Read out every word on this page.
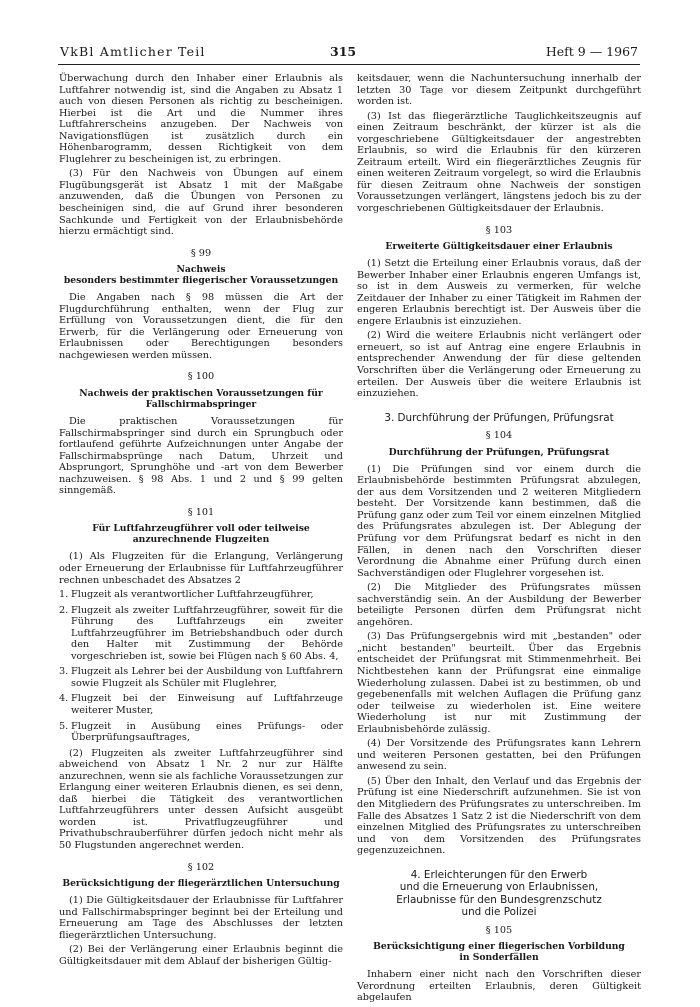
VkBl Amtlicher Teil	315	Heft 9 — 1967

Überwachung durch den Inhaber einer Erlaubnis als Luftfahrer notwendig ist, sind die Angaben zu Absatz 1 auch von diesen Personen als richtig zu bescheinigen. Hierbei ist die Art und die Nummer ihres Luftfahrerscheins anzugeben. Der Nachweis von Navigationsflügen ist zusätzlich durch ein Höhenbarogramm, dessen Richtigkeit von dem Fluglehrer zu bescheinigen ist, zu erbringen.

(3) Für den Nachweis von Übungen auf einem Flugübungsgerät ist Absatz 1 mit der Maßgabe anzuwenden, daß die Übungen von Personen zu bescheinigen sind, die auf Grund ihrer besonderen Sachkunde und Fertigkeit von der Erlaubnisbehörde hierzu ermächtigt sind.

§ 99
Nachweis
besonders bestimmter fliegerischer Voraussetzungen

Die Angaben nach § 98 müssen die Art der Flugdurchführung enthalten, wenn der Flug zur Erfüllung von Voraussetzungen dient, die für den Erwerb, für die Verlängerung oder Erneuerung von Erlaubnissen oder Berechtigungen besonders nachgewiesen werden müssen.

§ 100
Nachweis der praktischen Voraussetzungen für
Fallschirmabspringer

Die praktischen Voraussetzungen für Fallschirmabspringer sind durch ein Sprungbuch oder fortlaufend geführte Aufzeichnungen unter Angabe der Fallschirmabsprünge nach Datum, Uhrzeit und Absprungort, Sprunghöhe und -art von dem Bewerber nachzuweisen. § 98 Abs. 1 und 2 und § 99 gelten sinngemäß.

§ 101
Für Luftfahrzeugführer voll oder teilweise
anzurechnende Flugzeiten

(1) Als Flugzeiten für die Erlangung, Verlängerung oder Erneuerung der Erlaubnisse für Luftfahrzeugführer rechnen unbeschadet des Absatzes 2

1. Flugzeit als verantwortlicher Luftfahrzeugführer,
2. Flugzeit als zweiter Luftfahrzeugführer, soweit für die Führung des Luftfahrzeugs ein zweiter Luftfahrzeugführer im Betriebshandbuch oder durch den Halter mit Zustimmung der Behörde vorgeschrieben ist, sowie bei Flügen nach § 60 Abs. 4,
3. Flugzeit als Lehrer bei der Ausbildung von Luftfahrern sowie Flugzeit als Schüler mit Fluglehrer,
4. Flugzeit bei der Einweisung auf Luftfahrzeuge weiterer Muster,
5. Flugzeit in Ausübung eines Prüfungs- oder Überprüfungsauftrages,

(2) Flugzeiten als zweiter Luftfahrzeugführer sind abweichend von Absatz 1 Nr. 2 nur zur Hälfte anzurechnen, wenn sie als fachliche Voraussetzungen zur Erlangung einer weiteren Erlaubnis dienen, es sei denn, daß hierbei die Tätigkeit des verantwortlichen Luftfahrzeugführers unter dessen Aufsicht ausgeübt worden ist. Privatflugzeugführer und Privathubschrauberführer dürfen jedoch nicht mehr als 50 Flugstunden angerechnet werden.

§ 102
Berücksichtigung der fliegerärztlichen Untersuchung

(1) Die Gültigkeitsdauer der Erlaubnisse für Luftfahrer und Fallschirmabspringer beginnt bei der Erteilung und Erneuerung am Tage des Abschlusses der letzten fliegerärztlichen Untersuchung.

(2) Bei der Verlängerung einer Erlaubnis beginnt die Gültigkeitsdauer mit dem Ablauf der bisherigen Gültig-

keitsdauer, wenn die Nachuntersuchung innerhalb der letzten 30 Tage vor diesem Zeitpunkt durchgeführt worden ist.

(3) Ist das fliegerärztliche Tauglichkeitszeugnis auf einen Zeitraum beschränkt, der kürzer ist als die vorgeschriebene Gültigkeitsdauer der angestrebten Erlaubnis, so wird die Erlaubnis für den kürzeren Zeitraum erteilt. Wird ein fliegerärztliches Zeugnis für einen weiteren Zeitraum vorgelegt, so wird die Erlaubnis für diesen Zeitraum ohne Nachweis der sonstigen Voraussetzungen verlängert, längstens jedoch bis zu der vorgeschriebenen Gültigkeitsdauer der Erlaubnis.

§ 103
Erweiterte Gültigkeitsdauer einer Erlaubnis

(1) Setzt die Erteilung einer Erlaubnis voraus, daß der Bewerber Inhaber einer Erlaubnis engeren Umfangs ist, so ist in dem Ausweis zu vermerken, für welche Zeitdauer der Inhaber zu einer Tätigkeit im Rahmen der engeren Erlaubnis berechtigt ist. Der Ausweis über die engere Erlaubnis ist einzuziehen.

(2) Wird die weitere Erlaubnis nicht verlängert oder erneuert, so ist auf Antrag eine engere Erlaubnis in entsprechender Anwendung der für diese geltenden Vorschriften über die Verlängerung oder Erneuerung zu erteilen. Der Ausweis über die weitere Erlaubnis ist einzuziehen.

3. Durchführung der Prüfungen, Prüfungsrat
§ 104
Durchführung der Prüfungen, Prüfungsrat

(1) Die Prüfungen sind vor einem durch die Erlaubnisbehörde bestimmten Prüfungsrat abzulegen, der aus dem Vorsitzenden und 2 weiteren Mitgliedern besteht. Der Vorsitzende kann bestimmen, daß die Prüfung ganz oder zum Teil vor einem einzelnen Mitglied des Prüfungsrates abzulegen ist. Der Ablegung der Prüfung vor dem Prüfungsrat bedarf es nicht in den Fällen, in denen nach den Vorschriften dieser Verordnung die Abnahme einer Prüfung durch einen Sachverständigen oder Fluglehrer vorgesehen ist.

(2) Die Mitglieder des Prüfungsrates müssen sachverständig sein. An der Ausbildung der Bewerber beteiligte Personen dürfen dem Prüfungsrat nicht angehören.

(3) Das Prüfungsergebnis wird mit „bestanden" oder „nicht bestanden" beurteilt. Über das Ergebnis entscheidet der Prüfungsrat mit Stimmenmehrheit. Bei Nichtbestehen kann der Prüfungsrat eine einmalige Wiederholung zulassen. Dabei ist zu bestimmen, ob und gegebenenfalls mit welchen Auflagen die Prüfung ganz oder teilweise zu wiederholen ist. Eine weitere Wiederholung ist nur mit Zustimmung der Erlaubnisbehörde zulässig.

(4) Der Vorsitzende des Prüfungsrates kann Lehrern und weiteren Personen gestatten, bei den Prüfungen anwesend zu sein.

(5) Über den Inhalt, den Verlauf und das Ergebnis der Prüfung ist eine Niederschrift aufzunehmen. Sie ist von den Mitgliedern des Prüfungsrates zu unterschreiben. Im Falle des Absatzes 1 Satz 2 ist die Niederschrift von dem einzelnen Mitglied des Prüfungsrates zu unterschreiben und von dem Vorsitzenden des Prüfungsrates gegenzuzeichnen.

4. Erleichterungen für den Erwerb
und die Erneuerung von Erlaubnissen,
Erlaubnisse für den Bundesgrenzschutz
und die Polizei
§ 105
Berücksichtigung einer fliegerischen Vorbildung
in Sonderfällen

Inhabern einer nicht nach den Vorschriften dieser Verordnung erteilten Erlaubnis, deren Gültigkeit abgelaufen
